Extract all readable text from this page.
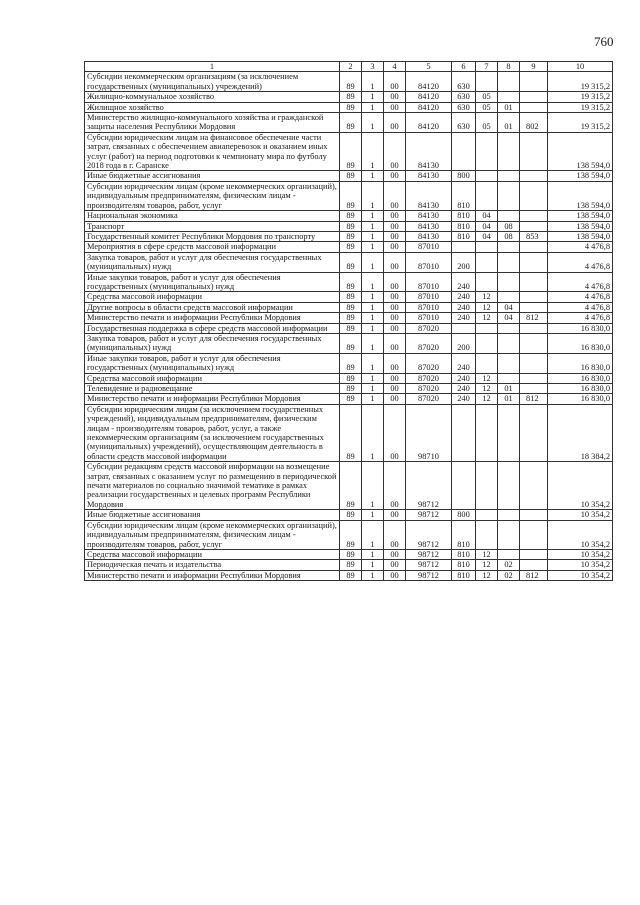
760
1	2	3	4	5	6	7	8	9	10
Субсидии некоммерческим организациям (за исключением государственных (муниципальных) учреждений)	89	1	00	84120	630				19 315,2
Жилищно-коммунальное хозяйство	89	1	00	84120	630	05			19 315,2
Жилищное хозяйство	89	1	00	84120	630	05	01		19 315,2
Министерство жилищно-коммунального хозяйства и гражданской защиты населения Республики Мордовия	89	1	00	84120	630	05	01	802	19 315,2
Субсидии юридическим лицам на финансовое обеспечение части затрат, связанных с обеспечением авиаперевозок и оказанием иных услуг (работ) на период подготовки к чемпионату мира по футболу 2018 года в г. Саранске	89	1	00	84130					138 594,0
Иные бюджетные ассигнования	89	1	00	84130	800				138 594,0
Субсидии юридическим лицам (кроме некоммерческих организаций), индивидуальным предпринимателям, физическим лицам - производителям товаров, работ, услуг	89	1	00	84130	810				138 594,0
Национальная экономика	89	1	00	84130	810	04			138 594,0
Транспорт	89	1	00	84130	810	04	08		138 594,0
Государственный комитет Республики Мордовия по транспорту	89	1	00	84130	810	04	08	853	138 594,0
Мероприятия в сфере средств массовой информации	89	1	00	87010					4 476,8
Закупка товаров, работ и услуг для обеспечения государственных (муниципальных) нужд	89	1	00	87010	200				4 476,8
Иные закупки товаров, работ и услуг для обеспечения государственных (муниципальных) нужд	89	1	00	87010	240				4 476,8
Средства массовой информации	89	1	00	87010	240	12			4 476,8
Другие вопросы в области средств массовой информации	89	1	00	87010	240	12	04		4 476,8
Министерство печати и информации Республики Мордовия	89	1	00	87010	240	12	04	812	4 476,8
Государственная поддержка в сфере средств массовой информации	89	1	00	87020					16 830,0
Закупка товаров, работ и услуг для обеспечения государственных (муниципальных) нужд	89	1	00	87020	200				16 830,0
Иные закупки товаров, работ и услуг для обеспечения государственных (муниципальных) нужд	89	1	00	87020	240				16 830,0
Средства массовой информации	89	1	00	87020	240	12			16 830,0
Телевидение и радиовещание	89	1	00	87020	240	12	01		16 830,0
Министерство печати и информации Республики Мордовия	89	1	00	87020	240	12	01	812	16 830,0
Субсидии юридическим лицам (за исключением государственных учреждений), индивидуальным предпринимателям, физическим лицам - производителям товаров, работ, услуг, а также некоммерческим организациям (за исключением государственных (муниципальных) учреждений), осуществляющим деятельность в области средств массовой информации	89	1	00	98710					18 384,2
Субсидии редакциям средств массовой информации на возмещение затрат, связанных с оказанием услуг по размещению в периодической печати материалов по социально значимой тематике в рамках реализации государственных и целевых программ Республики Мордовия	89	1	00	98712					10 354,2
Иные бюджетные ассигнования	89	1	00	98712	800				10 354,2
Субсидии юридическим лицам (кроме некоммерческих организаций), индивидуальным предпринимателям, физическим лицам - производителям товаров, работ, услуг	89	1	00	98712	810				10 354,2
Средства массовой информации	89	1	00	98712	810	12			10 354,2
Периодическая печать и издательства	89	1	00	98712	810	12	02		10 354,2
Министерство печати и информации Республики Мордовия	89	1	00	98712	810	12	02	812	10 354,2
